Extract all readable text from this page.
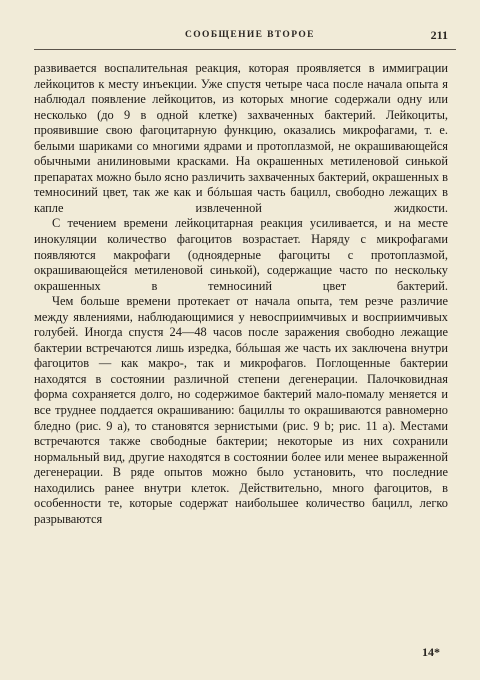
СООБЩЕНИЕ ВТОРОЕ	211

развивается воспалительная реакция, которая проявляется в иммиграции лейкоцитов к месту инъекции. Уже спустя четыре часа после начала опыта я наблюдал появление лейкоцитов, из которых многие содержали одну или несколько (до 9 в одной клетке) захваченных бактерий. Лейкоциты, проявившие свою фагоцитарную функцию, оказались микрофагами, т. е. белыми шариками со многими ядрами и протоплазмой, не окрашивающейся обычными анилиновыми красками. На окрашенных метиленовой синькой препаратах можно было ясно различить захваченных бактерий, окрашенных в темносиний цвет, так же как и бóльшая часть бацилл, свободно лежащих в капле извлеченной жидкости.

С течением времени лейкоцитарная реакция усиливается, и на месте инокуляции количество фагоцитов возрастает. Наряду с микрофагами появляются макрофаги (одноядерные фагоциты с протоплазмой, окрашивающейся метиленовой синькой), содержащие часто по нескольку окрашенных в темносиний цвет бактерий.

Чем больше времени протекает от начала опыта, тем резче различие между явлениями, наблюдающимися у невосприимчивых и восприимчивых голубей. Иногда спустя 24—48 часов после заражения свободно лежащие бактерии встречаются лишь изредка, бóльшая же часть их заключена внутри фагоцитов — как макро-, так и микрофагов. Поглощенные бактерии находятся в состоянии различной степени дегенерации. Палочковидная форма сохраняется долго, но содержимое бактерий мало-помалу меняется и все труднее поддается окрашиванию: бациллы то окрашиваются равномерно бледно (рис. 9 a), то становятся зернистыми (рис. 9 b; рис. 11 a). Местами встречаются также свободные бактерии; некоторые из них сохранили нормальный вид, другие находятся в состоянии более или менее выраженной дегенерации. В ряде опытов можно было установить, что последние находились ранее внутри клеток. Действительно, много фагоцитов, в особенности те, которые содержат наибольшее количество бацилл, легко разрываются

14*
